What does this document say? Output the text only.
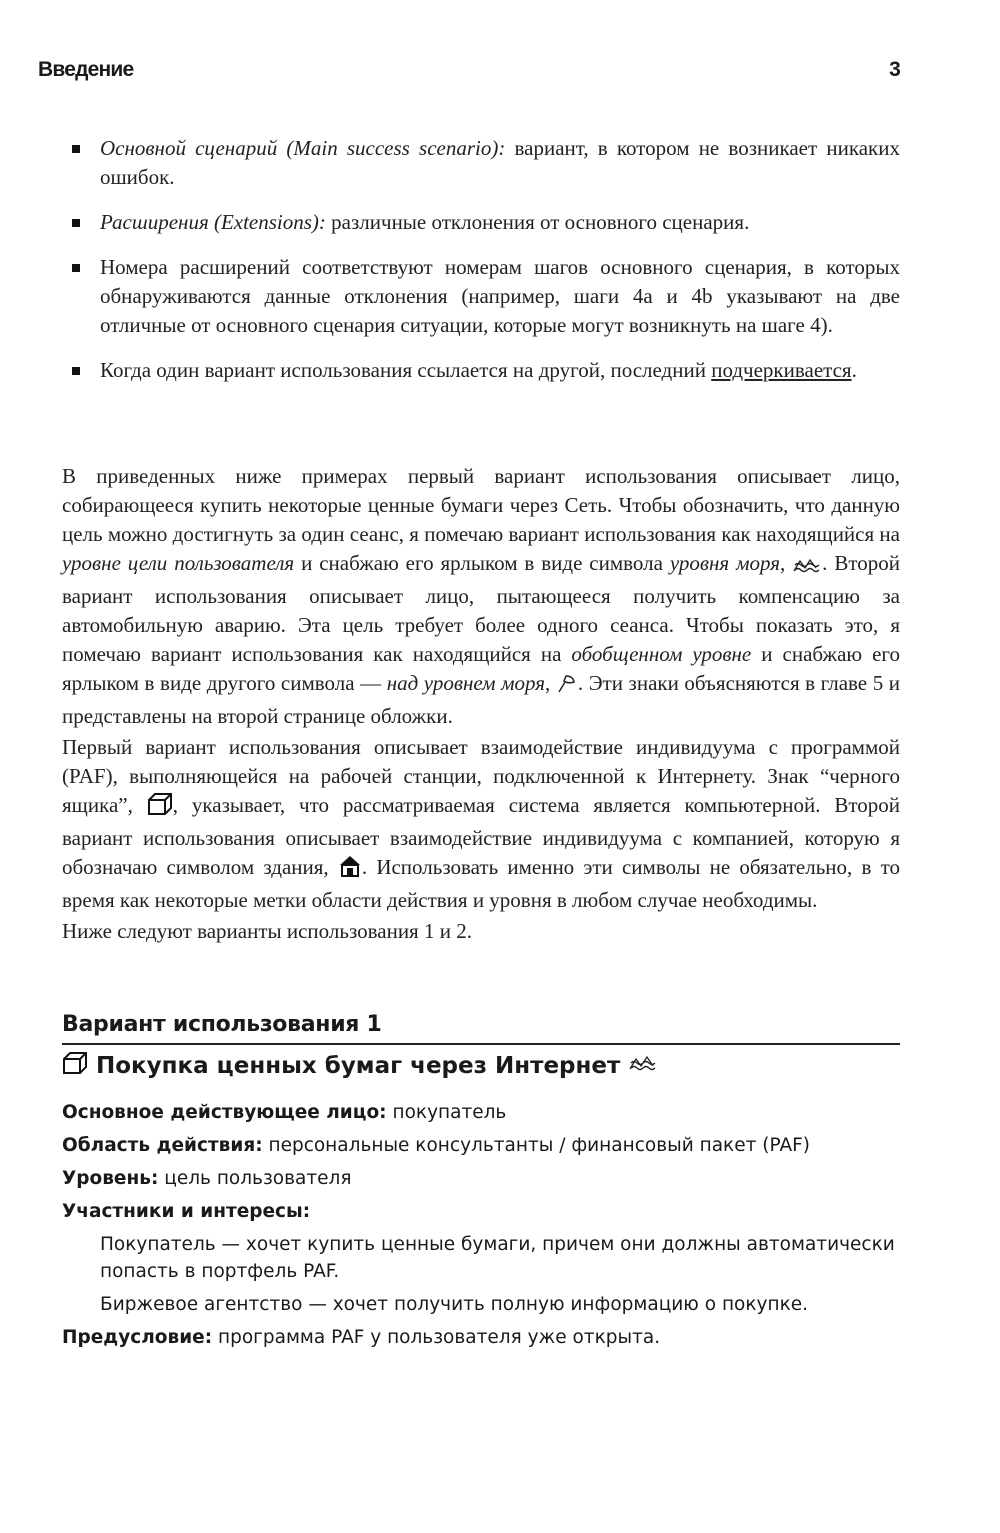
Введение	3
Основной сценарий (Main success scenario): вариант, в котором не возникает никаких ошибок.
Расширения (Extensions): различные отклонения от основного сценария.
Номера расширений соответствуют номерам шагов основного сценария, в которых обнаруживаются данные отклонения (например, шаги 4a и 4b указывают на две отличные от основного сценария ситуации, которые могут возникнуть на шаге 4).
Когда один вариант использования ссылается на другой, последний подчеркивается.

В приведенных ниже примерах первый вариант использования описывает лицо, собирающееся купить некоторые ценные бумаги через Сеть. Чтобы обозначить, что данную цель можно достигнуть за один сеанс, я помечаю вариант использования как находящийся на уровне цели пользователя и снабжаю его ярлыком в виде символа уровня моря, . Второй вариант использования описывает лицо, пытающееся получить компенсацию за автомобильную аварию. Эта цель требует более одного сеанса. Чтобы показать это, я помечаю вариант использования как находящийся на обобщенном уровне и снабжаю его ярлыком в виде другого символа — над уровнем моря, . Эти знаки объясняются в главе 5 и представлены на второй странице обложки.

Первый вариант использования описывает взаимодействие индивидуума с программой (PAF), выполняющейся на рабочей станции, подключенной к Интернету. Знак “черного ящика”, , указывает, что рассматриваемая система является компьютерной. Второй вариант использования описывает взаимодействие индивидуума с компанией, которую я обозначаю символом здания, . Использовать именно эти символы не обязательно, в то время как некоторые метки области действия и уровня в любом случае необходимы.

Ниже следуют варианты использования 1 и 2.

Вариант использования 1
Покупка ценных бумаг через Интернет

Основное действующее лицо: покупатель

Область действия: персональные консультанты / финансовый пакет (PAF)

Уровень: цель пользователя

Участники и интересы:

Покупатель — хочет купить ценные бумаги, причем они должны автоматически попасть в портфель PAF.

Биржевое агентство — хочет получить полную информацию о покупке.

Предусловие: программа PAF у пользователя уже открыта.
